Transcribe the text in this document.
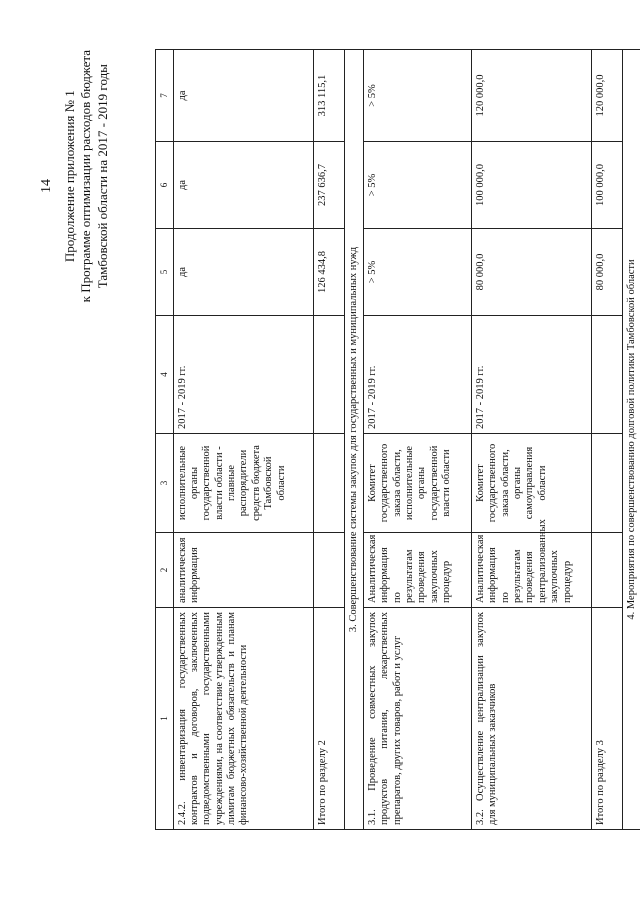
14 Продолжение приложения № 1 к Программе оптимизации расходов бюджета Тамбовской области на 2017 - 2019 годы
1	2	3	4	5	6	7
2.4.2. инвентаризация государственных контрактов и договоров, заключенных подведомственными государственными учреждениями, на соответствие утвержденным лимитам бюджетных обязательств и планам финансово-хозяйственной деятельности	аналитическая информация	исполнительные органы государственной власти области - главные распорядители средств бюджета Тамбовской области	2017 - 2019 гг.	да	да	да
Итого по разделу 2				126 434,8	237 636,7	313 115,1
3. Совершенствование системы закупок для государственных и муниципальных нужд						
3.1. Проведение совместных закупок продуктов питания, лекарственных препаратов, других товаров, работ и услуг	Аналитическая информация по результатам проведения закупочных процедур	Комитет государственного заказа области, исполнительные органы государственной власти области	2017 - 2019 гг.	> 5%	> 5%	> 5%
3.2. Осуществление централизации закупок для муниципальных заказчиков	Аналитическая информация по результатам проведения централизованных закупочных процедур	Комитет государственного заказа области, органы самоуправления области	2017 - 2019 гг.	80 000,0	100 000,0	120 000,0
Итого по разделу 3				80 000,0	100 000,0	120 000,0
4. Мероприятия по совершенствованию долговой политики Тамбовской области						
